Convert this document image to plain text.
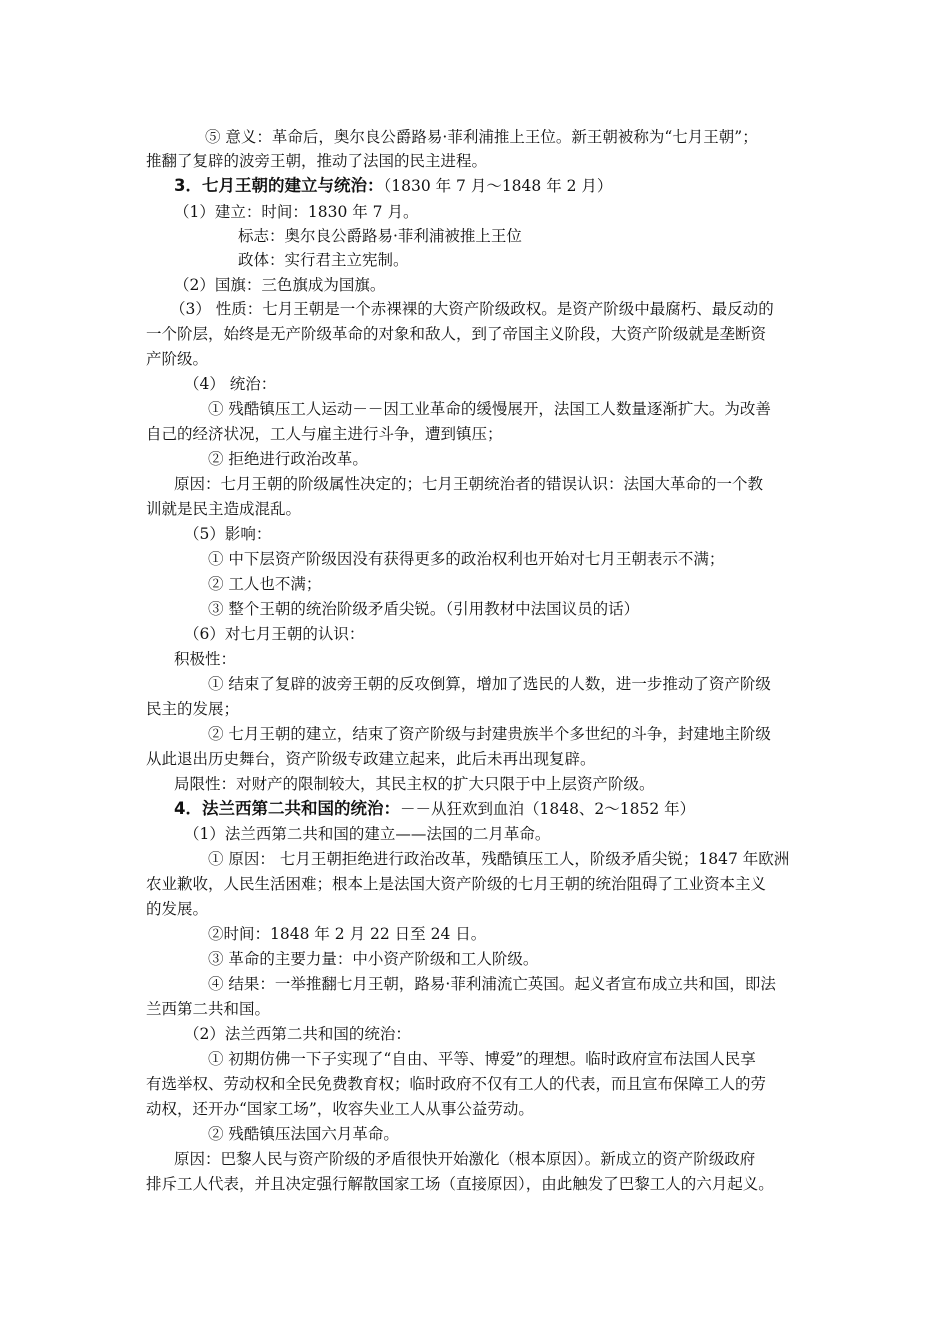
⑤ 意义：革命后，奥尔良公爵路易·菲利浦推上王位。新王朝被称为“七月王朝”；
推翻了复辟的波旁王朝，推动了法国的民主进程。
3．七月王朝的建立与统治：（1830 年 7 月～1848 年 2 月）
（1）建立：时间：1830 年 7 月。
标志：奥尔良公爵路易·菲利浦被推上王位
政体：实行君主立宪制。
（2）国旗：三色旗成为国旗。
（3） 性质：七月王朝是一个赤裸裸的大资产阶级政权。是资产阶级中最腐朽、最反动的
一个阶层，始终是无产阶级革命的对象和敌人，到了帝国主义阶段，大资产阶级就是垄断资
产阶级。
（4） 统治：
① 残酷镇压工人运动－－因工业革命的缓慢展开，法国工人数量逐渐扩大。为改善
自己的经济状况，工人与雇主进行斗争，遭到镇压；
② 拒绝进行政治改革。
原因：七月王朝的阶级属性决定的；七月王朝统治者的错误认识：法国大革命的一个教
训就是民主造成混乱。
（5）影响：
① 中下层资产阶级因没有获得更多的政治权利也开始对七月王朝表示不满；
② 工人也不满；
③ 整个王朝的统治阶级矛盾尖锐。（引用教材中法国议员的话）
（6）对七月王朝的认识：
积极性：
① 结束了复辟的波旁王朝的反攻倒算，增加了选民的人数，进一步推动了资产阶级
民主的发展；
② 七月王朝的建立，结束了资产阶级与封建贵族半个多世纪的斗争，封建地主阶级
从此退出历史舞台，资产阶级专政建立起来，此后未再出现复辟。
局限性：对财产的限制较大，其民主权的扩大只限于中上层资产阶级。
4．法兰西第二共和国的统治：－－从狂欢到血泊（1848、2～1852 年）
（1）法兰西第二共和国的建立——法国的二月革命。
① 原因： 七月王朝拒绝进行政治改革，残酷镇压工人，阶级矛盾尖锐；1847 年欧洲
农业歉收，人民生活困难；根本上是法国大资产阶级的七月王朝的统治阻碍了工业资本主义
的发展。
②时间：1848 年 2 月 22 日至 24 日。
③ 革命的主要力量：中小资产阶级和工人阶级。
④ 结果：一举推翻七月王朝，路易·菲利浦流亡英国。起义者宣布成立共和国，即法
兰西第二共和国。
（2）法兰西第二共和国的统治：
① 初期仿佛一下子实现了“自由、平等、博爱”的理想。临时政府宣布法国人民享
有选举权、劳动权和全民免费教育权；临时政府不仅有工人的代表，而且宣布保障工人的劳
动权，还开办“国家工场”，收容失业工人从事公益劳动。
② 残酷镇压法国六月革命。
原因：巴黎人民与资产阶级的矛盾很快开始激化（根本原因）。新成立的资产阶级政府
排斥工人代表，并且决定强行解散国家工场（直接原因），由此触发了巴黎工人的六月起义。
